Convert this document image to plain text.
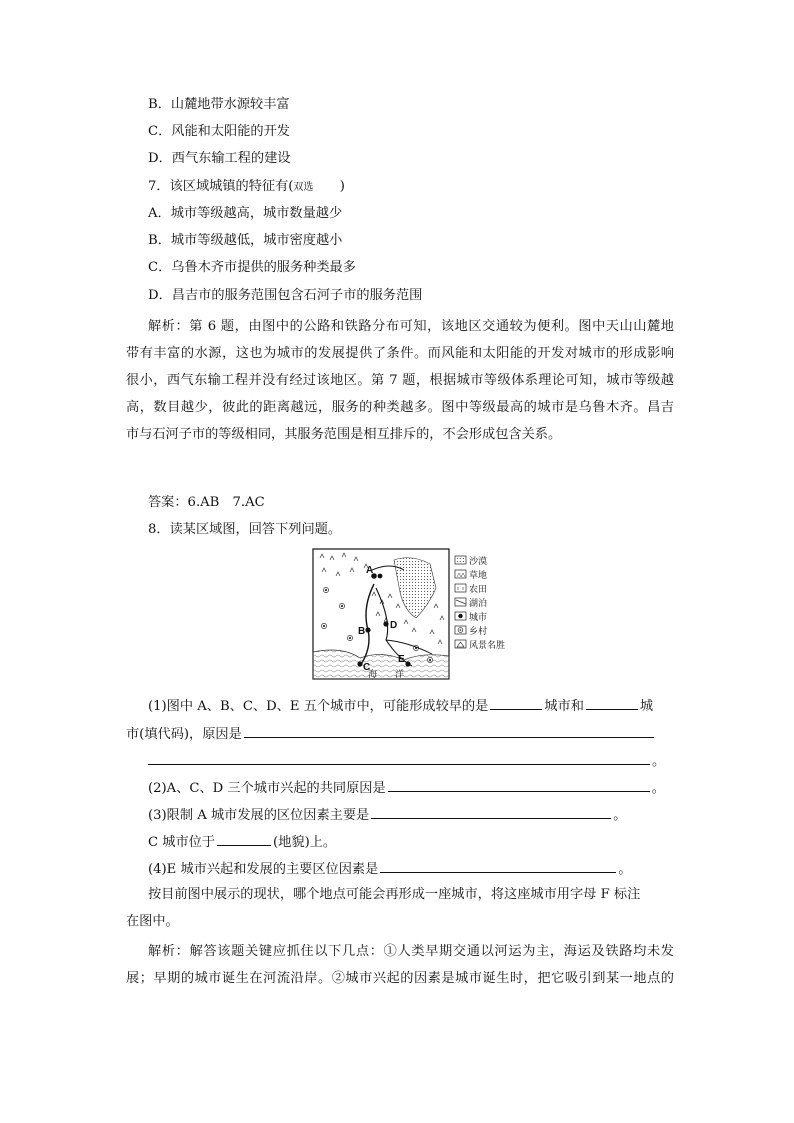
B．山麓地带水源较丰富
C．风能和太阳能的开发
D．西气东输工程的建设
7．该区域城镇的特征有(双选　　 )
A．城市等级越高，城市数量越少
B．城市等级越低，城市密度越小
C．乌鲁木齐市提供的服务种类最多
D．昌吉市的服务范围包含石河子市的服务范围
解析：第 6 题，由图中的公路和铁路分布可知，该地区交通较为便利。图中天山山麓地
带有丰富的水源，这也为城市的发展提供了条件。而风能和太阳能的开发对城市的形成影响
很小，西气东输工程并没有经过该地区。第 7 题，根据城市等级体系理论可知，城市等级越
高，数目越少，彼此的距离越远，服务的种类越多。图中等级最高的城市是乌鲁木齐。昌吉
市与石河子市的等级相同，其服务范围是相互排斥的，不会形成包含关系。
答案：6.AB　7.AC
8．读某区域图，回答下列问题。
A
B
C
D
E
海　　洋
沙漠
草地
农田
湖泊
城市
乡村
风景名胜
(1)图中 A、B、C、D、E 五个城市中，可能形成较早的是	城市和	城
市(填代码)，原因是
。
(2)A、C、D 三个城市兴起的共同原因是	。
(3)限制 A 城市发展的区位因素主要是	。
C 城市位于	(地貌)上。
(4)E 城市兴起和发展的主要区位因素是	。
按目前图中展示的现状，哪个地点可能会再形成一座城市，将这座城市用字母 F 标注
在图中。
解析：解答该题关键应抓住以下几点：①人类早期交通以河运为主，海运及铁路均未发
展；早期的城市诞生在河流沿岸。②城市兴起的因素是城市诞生时，把它吸引到某一地点的
